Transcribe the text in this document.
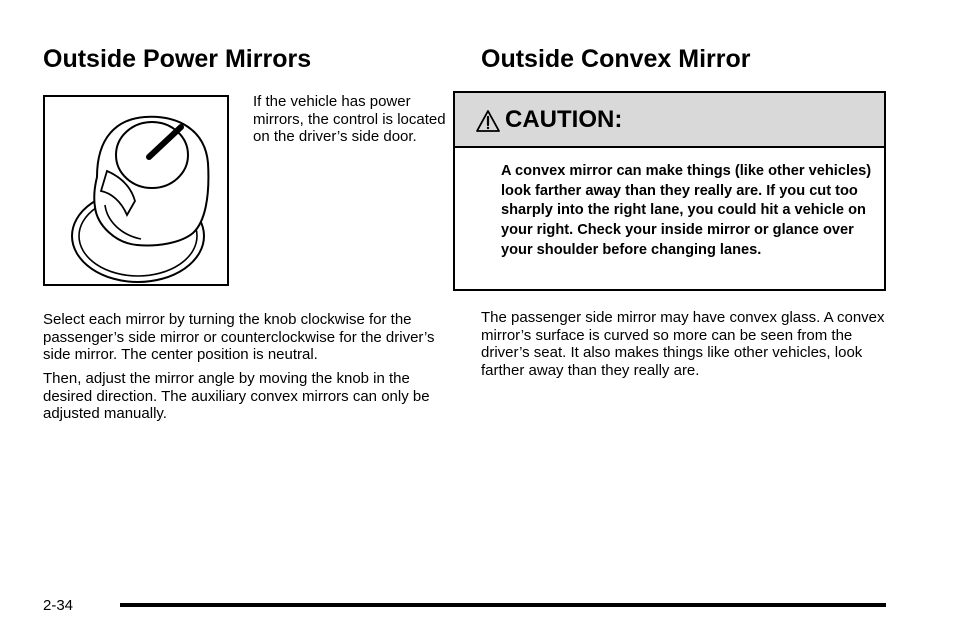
Outside Power Mirrors

If the vehicle has power mirrors, the control is located on the driver’s side door.

Select each mirror by turning the knob clockwise for the passenger’s side mirror or counterclockwise for the driver’s side mirror. The center position is neutral.

Then, adjust the mirror angle by moving the knob in the desired direction. The auxiliary convex mirrors can only be adjusted manually.

Outside Convex Mirror
CAUTION:

A convex mirror can make things (like other vehicles) look farther away than they really are. If you cut too sharply into the right lane, you could hit a vehicle on your right. Check your inside mirror or glance over your shoulder before changing lanes.

The passenger side mirror may have convex glass. A convex mirror’s surface is curved so more can be seen from the driver’s seat. It also makes things like other vehicles, look farther away than they really are.

2-34
